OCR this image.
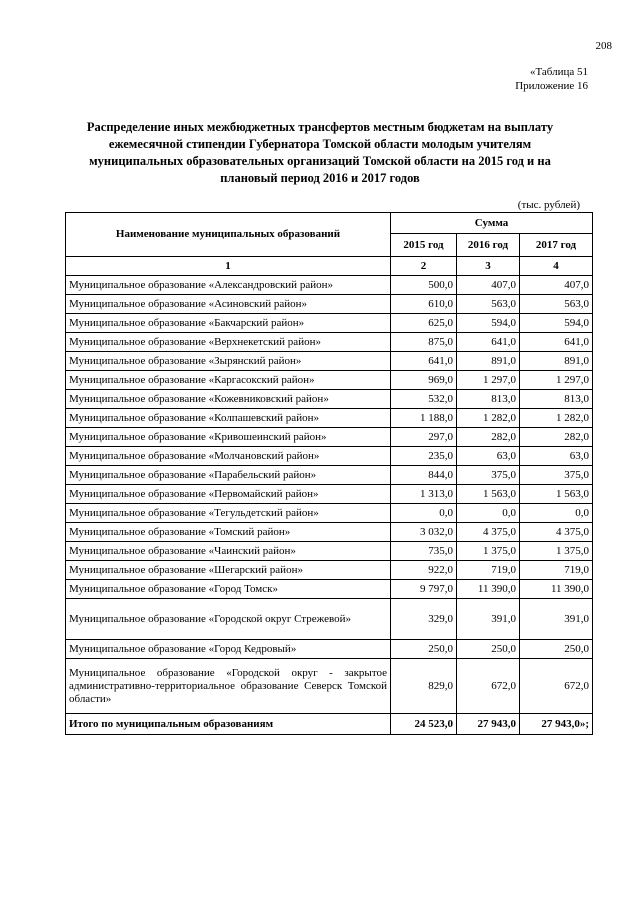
208
«Таблица 51
Приложение 16
Распределение иных межбюджетных трансфертов местным бюджетам на выплату ежемесячной стипендии Губернатора Томской области молодым учителям муниципальных образовательных организаций Томской области на 2015 год и на плановый период 2016 и 2017 годов
(тыс. рублей)
Наименование муниципальных образований	Сумма		
	2015 год	2016 год	2017 год
1	2	3	4
Муниципальное образование «Александровский район»	500,0	407,0	407,0
Муниципальное образование «Асиновский район»	610,0	563,0	563,0
Муниципальное образование «Бакчарский район»	625,0	594,0	594,0
Муниципальное образование «Верхнекетский район»	875,0	641,0	641,0
Муниципальное образование «Зырянский район»	641,0	891,0	891,0
Муниципальное образование «Каргасокский район»	969,0	1 297,0	1 297,0
Муниципальное образование «Кожевниковский район»	532,0	813,0	813,0
Муниципальное образование «Колпашевский район»	1 188,0	1 282,0	1 282,0
Муниципальное образование «Кривошеинский район»	297,0	282,0	282,0
Муниципальное образование «Молчановский район»	235,0	63,0	63,0
Муниципальное образование «Парабельский район»	844,0	375,0	375,0
Муниципальное образование «Первомайский район»	1 313,0	1 563,0	1 563,0
Муниципальное образование «Тегульдетский район»	0,0	0,0	0,0
Муниципальное образование «Томский район»	3 032,0	4 375,0	4 375,0
Муниципальное образование «Чаинский район»	735,0	1 375,0	1 375,0
Муниципальное образование «Шегарский район»	922,0	719,0	719,0
Муниципальное образование «Город Томск»	9 797,0	11 390,0	11 390,0
Муниципальное образование «Городской округ Стрежевой»	329,0	391,0	391,0
Муниципальное образование «Город Кедровый»	250,0	250,0	250,0
Муниципальное образование «Городской округ - закрытое административно-территориальное образование Северск Томской области»	829,0	672,0	672,0
Итого по муниципальным образованиям	24 523,0	27 943,0	27 943,0»;
